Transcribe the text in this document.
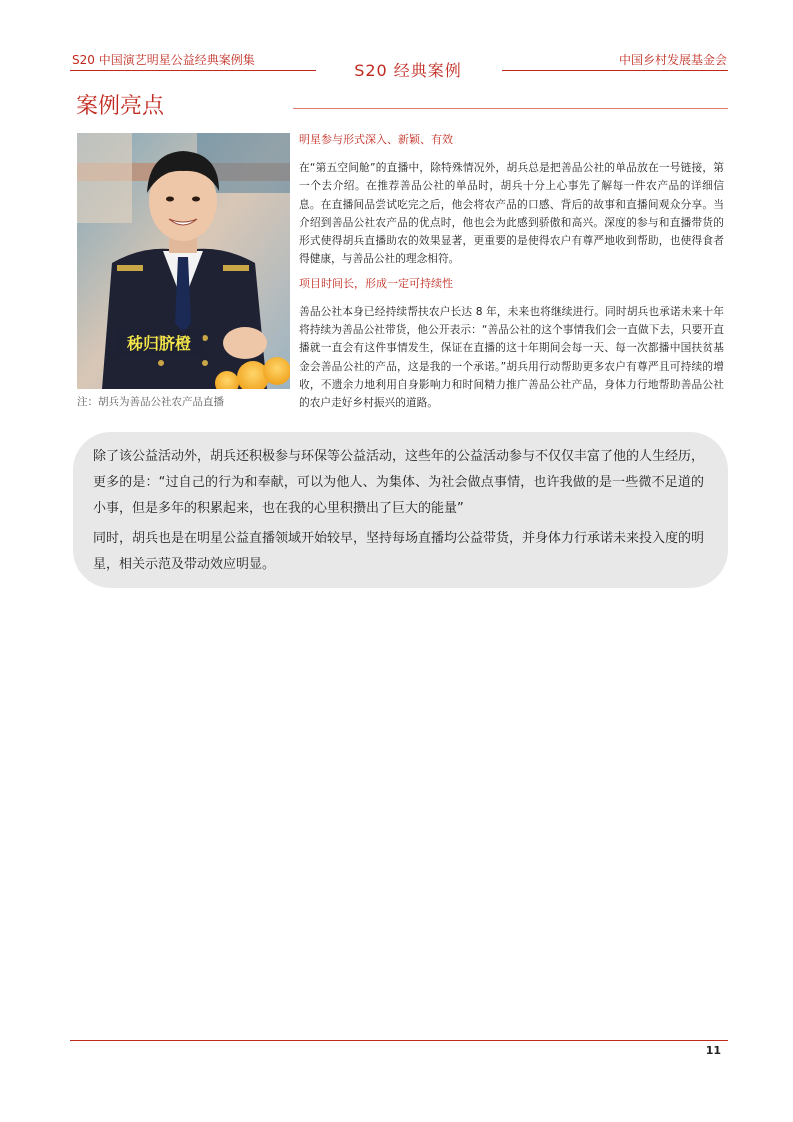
S20 中国演艺明星公益经典案例集
S20 经典案例
中国乡村发展基金会
案例亮点
秭归脐橙
注：胡兵为善品公社农产品直播
明星参与形式深入、新颖、有效

在“第五空间舱”的直播中，除特殊情况外，胡兵总是把善品公社的单品放在一号链接，第一个去介绍。在推荐善品公社的单品时，胡兵十分上心事先了解每一件农产品的详细信息。在直播间品尝试吃完之后，他会将农产品的口感、背后的故事和直播间观众分享。当介绍到善品公社农产品的优点时，他也会为此感到骄傲和高兴。深度的参与和直播带货的形式使得胡兵直播助农的效果显著，更重要的是使得农户有尊严地收到帮助，也使得食者得健康，与善品公社的理念相符。

项目时间长，形成一定可持续性

善品公社本身已经持续帮扶农户长达 8 年，未来也将继续进行。同时胡兵也承诺未来十年将持续为善品公社带货，他公开表示：“善品公社的这个事情我们会一直做下去，只要开直播就一直会有这件事情发生，保证在直播的这十年期间会每一天、每一次都播中国扶贫基金会善品公社的产品，这是我的一个承诺。”胡兵用行动帮助更多农户有尊严且可持续的增收，不遗余力地利用自身影响力和时间精力推广善品公社产品，身体力行地帮助善品公社的农户走好乡村振兴的道路。

除了该公益活动外，胡兵还积极参与环保等公益活动，这些年的公益活动参与不仅仅丰富了他的人生经历，更多的是：“过自己的行为和奉献，可以为他人、为集体、为社会做点事情，也许我做的是一些微不足道的小事，但是多年的积累起来，也在我的心里积攒出了巨大的能量”

同时，胡兵也是在明星公益直播领域开始较早，坚持每场直播均公益带货，并身体力行承诺未来投入度的明星，相关示范及带动效应明显。

11
